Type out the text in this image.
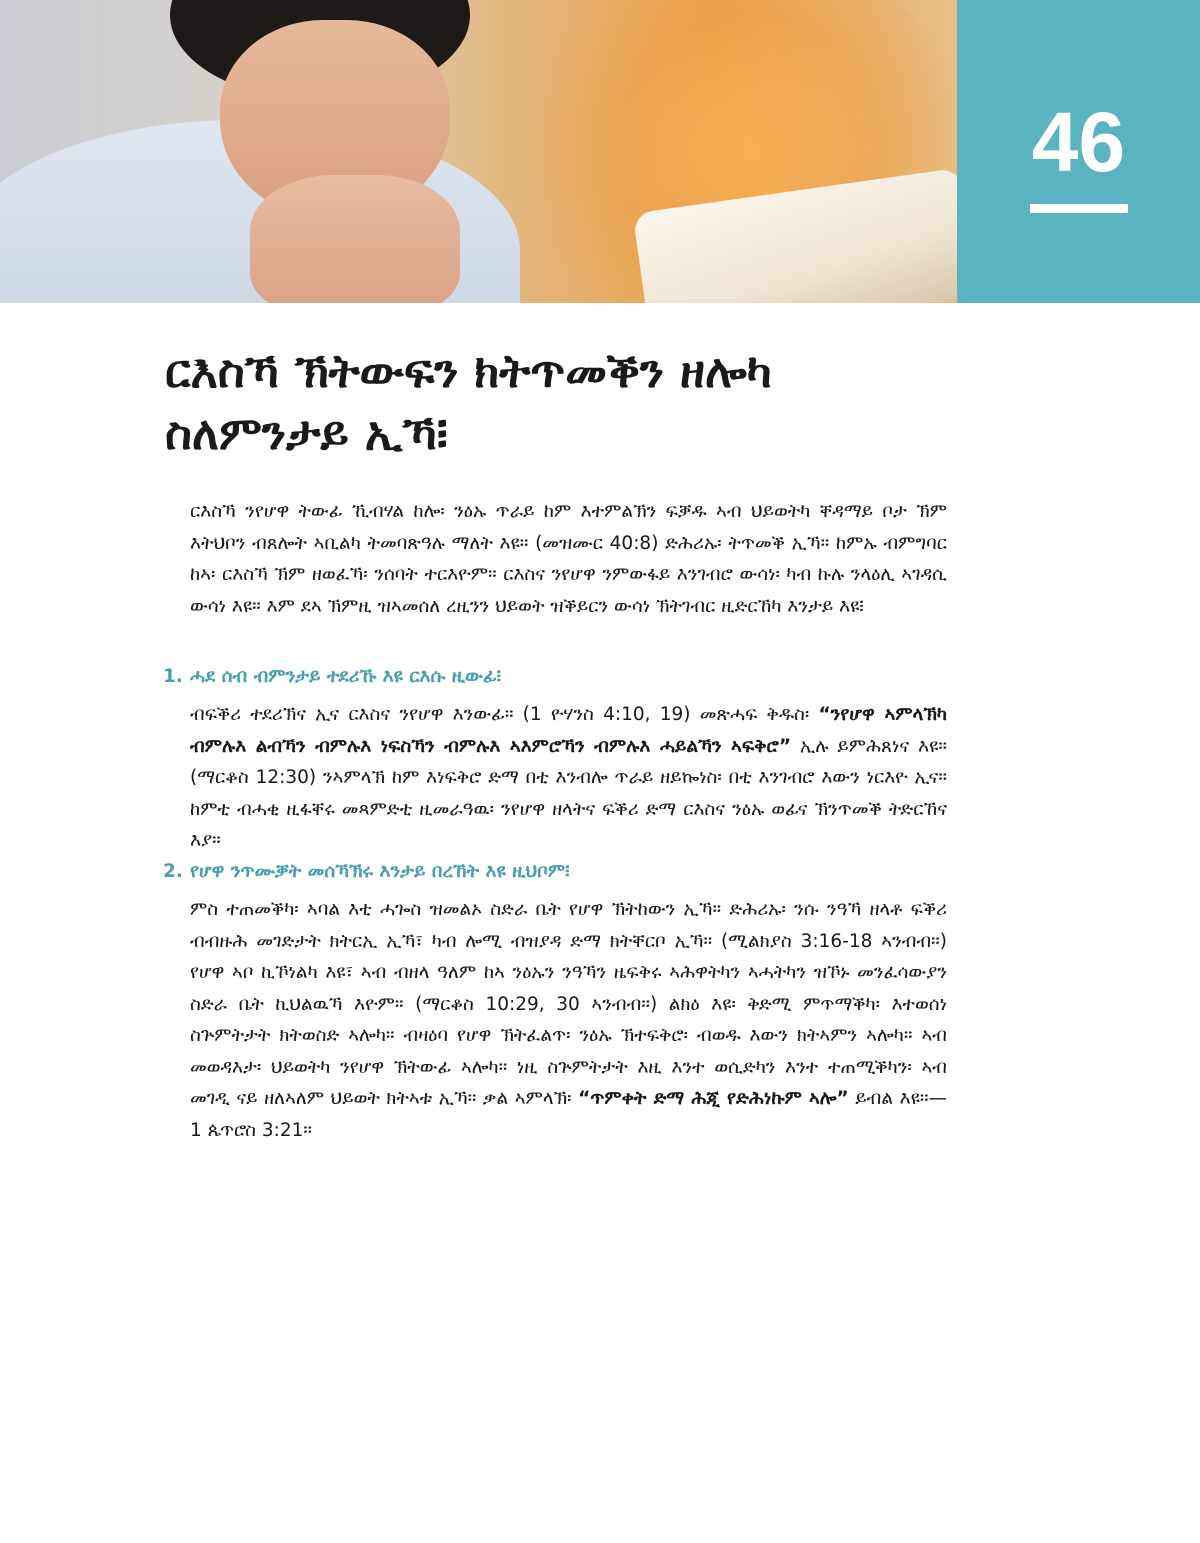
46
ርእስኻ ኽትውፍን ክትጥመቕን ዘሎካ ስለምንታይ ኢኻ፧

ርእስኻ ንየሆዋ ትውፊ ኺብሃል ከሎ፡ ንዕኡ ጥራይ ከም እተምልኽን ፍቓዱ ኣብ ህይወትካ ቐዳማይ ቦታ ኽም እትህቦን ብጸሎት ኣቢልካ ትመባጽዓሉ ማለት እዩ። (መዝሙር 40:8) ድሕሪኡ፡ ትጥመቕ ኢኻ። ከምኡ ብምግባር ከኣ፡ ርእስኻ ኽም ዘወፈኻ፡ ንሰባት ተርእዮም። ርእስና ንየሆዋ ንምውፋይ እንገብሮ ውሳነ፡ ካብ ኩሉ ንላዕሊ ኣገዳሲ ውሳነ እዩ። እም ደኣ ኽምዚ ዝኣመሰለ ረዚንን ህይወት ዝቕይርን ውሳነ ኽትገብር ዚድርኸካ እንታይ እዩ፧

1. ሓደ ሰብ ብምንታይ ተደሪኹ እዩ ርእሱ ዚውፊ፧

ብፍቕሪ ተደሪኽና ኢና ርእስና ንየሆዋ እንውፊ። (1 ዮሃንስ 4:10, 19) መጽሓፍ ቅዱስ፡ “ንየሆዋ ኣምላኽካ ብምሉእ ልብኻን ብምሉእ ነፍስኻን ብምሉእ ኣእምሮኻን ብምሉእ ሓይልኻን ኣፍቅሮ” ኢሉ ይምሕጸነና እዩ። (ማርቆስ 12:30) ንኣምላኽ ከም እነፍቅሮ ድማ በቲ እንብሎ ጥራይ ዘይኰነስ፡ በቲ እንገብሮ እውን ነርእዮ ኢና። ከምቲ ብሓቂ ዚፋቐሩ መጻምድቲ ዚመራዓዉ፡ ንየሆዋ ዘላትና ፍቕሪ ድማ ርእስና ንዕኡ ወፊና ኽንጥመቕ ትድርኸና እያ።

2. የሆዋ ንጥሙቓት መሰኻኽሩ እንታይ በረኸት እዩ ዚህቦም፧

ምስ ተጠመቕካ፡ ኣባል እቲ ሓጐስ ዝመልኦ ስድራ ቤት የሆዋ ኽትከውን ኢኻ። ድሕሪኡ፡ ንሱ ንዓኻ ዘላቶ ፍቕሪ ብብዙሕ መገድታት ክትርኢ ኢኻ፣ ካብ ሎሚ ብዝያዳ ድማ ክትቐርቦ ኢኻ። (ሚልክያስ 3:16-18 ኣንብብ።) የሆዋ ኣቦ ኪኾነልካ እዩ፣ ኣብ ብዘላ ዓለም ከኣ ንዕኡን ንዓኻን ዜፍቅሩ ኣሕዋትካን ኣሓትካን ዝኾኑ መንፈሳውያን ስድራ ቤት ኪህልዉኻ እዮም። (ማርቆስ 10:29, 30 ኣንብብ።) ልክዕ እዩ፡ ቅድሚ ምጥማቕካ፡ እተወሰነ ስጕምትታት ክትወስድ ኣሎካ። ብዛዕባ የሆዋ ኽትፈልጥ፡ ንዕኡ ኽተፍቅሮ፡ ብወዱ እውን ክትኣምን ኣሎካ። ኣብ መወዳእታ፡ ህይወትካ ንየሆዋ ኽትውፊ ኣሎካ። ነዚ ስጕምትታት እዚ እንተ ወሲድካን እንተ ተጠሚቕካን፡ ኣብ መገዲ ናይ ዘለኣለም ህይወት ክትኣቱ ኢኻ። ቃል ኣምላኽ፡ “ጥምቀት ድማ ሕጂ የድሕነኩም ኣሎ” ይብል እዩ።—1 ጴጥሮስ 3:21።
